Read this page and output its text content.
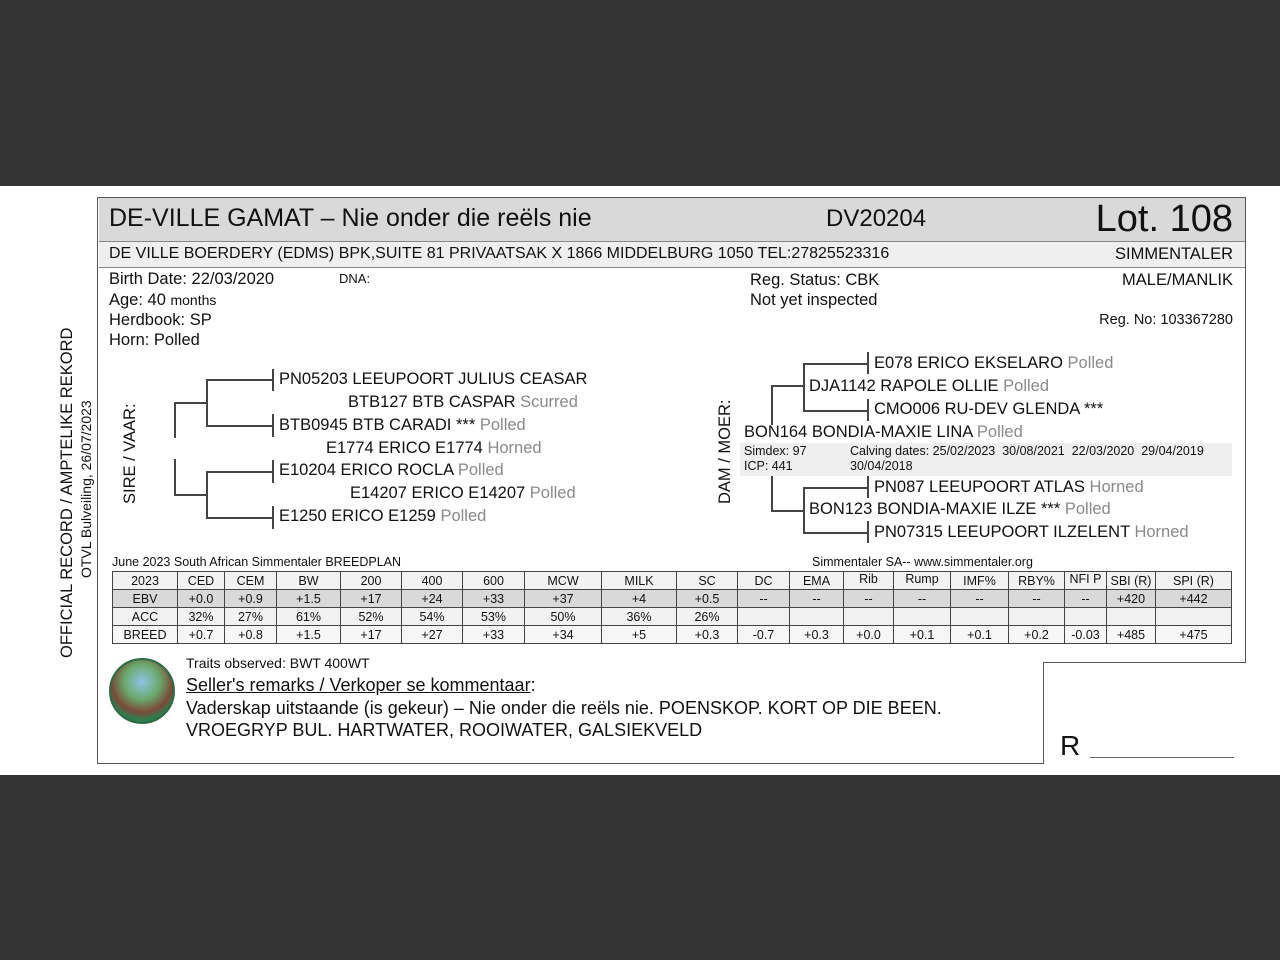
OFFICIAL RECORD / AMPTELIKE REKORD OTVL Bulveiling, 26/07/2023
DE-VILLE GAMAT – Nie onder die reëls nie	DV20204	Lot. 108
DE VILLE BOERDERY (EDMS) BPK,SUITE 81 PRIVAATSAK X 1866 MIDDELBURG 1050 TEL:27825523316	SIMMENTALER
Birth Date: 22/03/2020	DNA:
Age: 40 months
Herdbook: SP
Horn: Polled
Reg. Status: CBK
Not yet inspected
MALE/MANLIK
Reg. No: 103367280
SIRE / VAAR:	DAM / MOER:
PN05203 LEEUPOORT JULIUS CEASAR
BTB127 BTB CASPAR Scurred
BTB0945 BTB CARADI *** Polled
E1774 ERICO E1774 Horned
E10204 ERICO ROCLA Polled
E14207 ERICO E14207 Polled
E1250 ERICO E1259 Polled
E078 ERICO EKSELARO Polled
DJA1142 RAPOLE OLLIE Polled
CMO006 RU-DEV GLENDA ***
BON164 BONDIA-MAXIE LINA Polled
Simdex: 97
ICP: 441
Calving dates: 25/02/2023  30/08/2021  22/03/2020  29/04/2019
30/04/2018
PN087 LEEUPOORT ATLAS Horned
BON123 BONDIA-MAXIE ILZE *** Polled
PN07315 LEEUPOORT ILZELENT Horned
June 2023 South African Simmentaler BREEDPLAN	Simmentaler SA-- www.simmentaler.org
2023	CED	CEM	BW	200	400	600	MCW	MILK	SC	DC	EMA	Rib	Rump	IMF%	RBY%	NFI P	SBI (R)	SPI (R)
EBV	+0.0	+0.9	+1.5	+17	+24	+33	+37	+4	+0.5	--	--	--	--	--	--	--	+420	+442
ACC	32%	27%	61%	52%	54%	53%	50%	36%	26%									
BREED	+0.7	+0.8	+1.5	+17	+27	+33	+34	+5	+0.3	-0.7	+0.3	+0.0	+0.1	+0.1	+0.2	-0.03	+485	+475
Traits observed: BWT 400WT
Seller's remarks / Verkoper se kommentaar:
Vaderskap uitstaande (is gekeur) – Nie onder die reëls nie. POENSKOP. KORT OP DIE BEEN.
VROEGRYP BUL. HARTWATER, ROOIWATER, GALSIEKVELD	R
